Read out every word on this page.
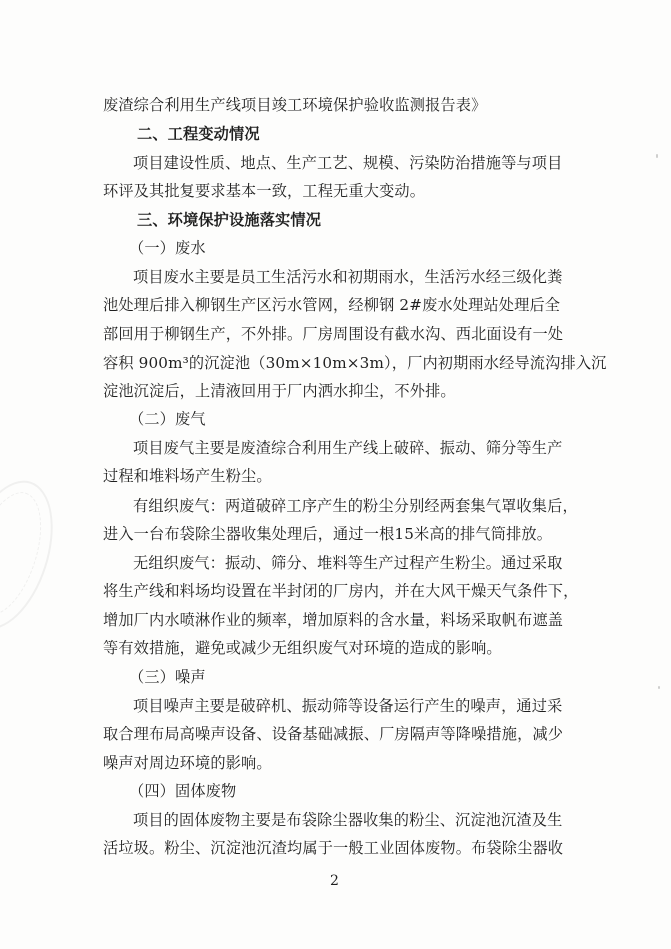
废渣综合利用生产线项目竣工环境保护验收监测报告表》
二、工程变动情况
项目建设性质、地点、生产工艺、规模、污染防治措施等与项目
环评及其批复要求基本一致，工程无重大变动。
三、环境保护设施落实情况
（一）废水
项目废水主要是员工生活污水和初期雨水，生活污水经三级化粪
池处理后排入柳钢生产区污水管网，经柳钢 2#废水处理站处理后全
部回用于柳钢生产，不外排。厂房周围设有截水沟、西北面设有一处
容积 900m³的沉淀池（30m×10m×3m），厂内初期雨水经导流沟排入沉
淀池沉淀后，上清液回用于厂内洒水抑尘，不外排。
（二）废气
项目废气主要是废渣综合利用生产线上破碎、振动、筛分等生产
过程和堆料场产生粉尘。
有组织废气：两道破碎工序产生的粉尘分别经两套集气罩收集后，
进入一台布袋除尘器收集处理后，通过一根15米高的排气筒排放。
无组织废气：振动、筛分、堆料等生产过程产生粉尘。通过采取
将生产线和料场均设置在半封闭的厂房内，并在大风干燥天气条件下，
增加厂内水喷淋作业的频率，增加原料的含水量，料场采取帆布遮盖
等有效措施，避免或减少无组织废气对环境的造成的影响。
（三）噪声
项目噪声主要是破碎机、振动筛等设备运行产生的噪声，通过采
取合理布局高噪声设备、设备基础减振、厂房隔声等降噪措施，减少
噪声对周边环境的影响。
（四）固体废物
项目的固体废物主要是布袋除尘器收集的粉尘、沉淀池沉渣及生
活垃圾。粉尘、沉淀池沉渣均属于一般工业固体废物。布袋除尘器收
2
